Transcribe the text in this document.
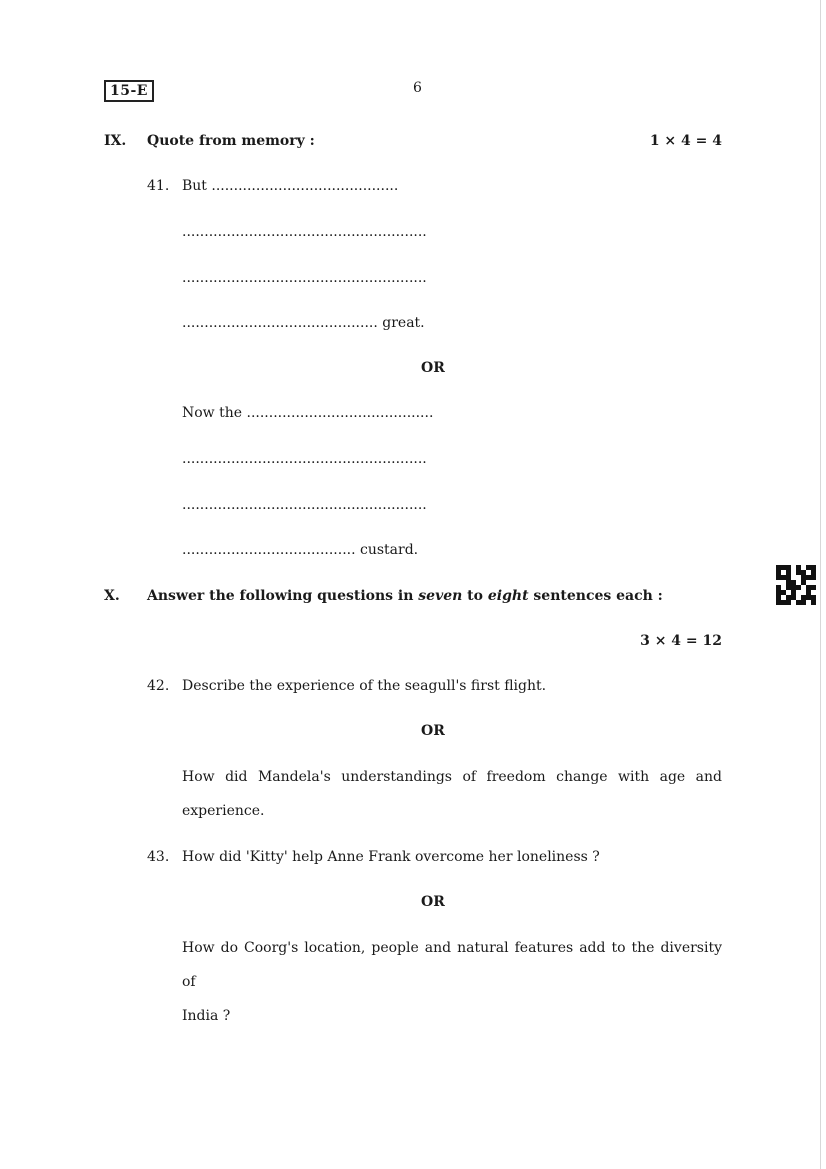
15-E	6
IX. Quote from memory :	1 × 4 = 4
41. But ..........................................
.......................................................
.......................................................
............................................ great.
OR
Now the ..........................................
.......................................................
.......................................................
....................................... custard.
X. Answer the following questions in seven to eight sentences each :
3 × 4 = 12
42. Describe the experience of the seagull's first flight.
OR
How did Mandela's understandings of freedom change with age and
experience.
43. How did 'Kitty' help Anne Frank overcome her loneliness ?
OR
How do Coorg's location, people and natural features add to the diversity of
India ?
